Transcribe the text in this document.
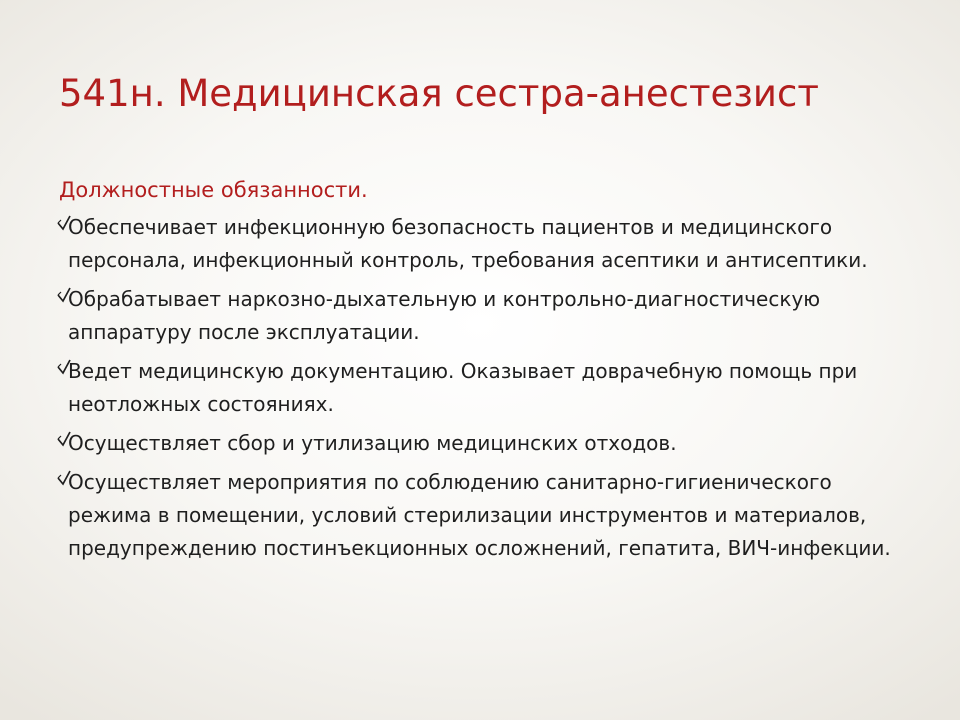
541н. Медицинская сестра-анестезист
Должностные обязанности.
Обеспечивает инфекционную безопасность пациентов и медицинского персонала, инфекционный контроль, требования асептики и антисептики.
Обрабатывает наркозно-дыхательную и контрольно-диагностическую аппаратуру после эксплуатации.
Ведет медицинскую документацию. Оказывает доврачебную помощь при неотложных состояниях.
Осуществляет сбор и утилизацию медицинских отходов.
Осуществляет мероприятия по соблюдению санитарно-гигиенического режима в помещении, условий стерилизации инструментов и материалов, предупреждению постинъекционных осложнений, гепатита, ВИЧ-инфекции.
